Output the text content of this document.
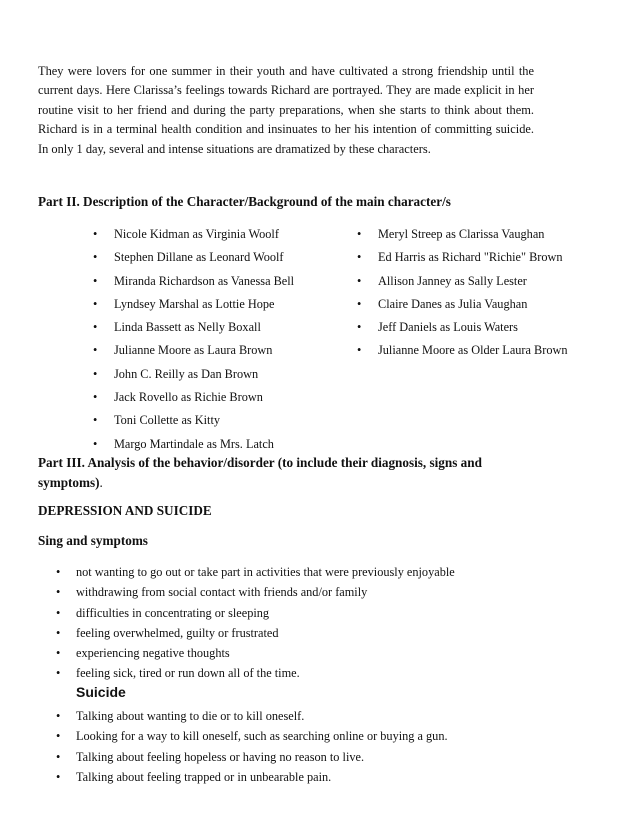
They were lovers for one summer in their youth and have cultivated a strong friendship until the current days. Here Clarissa’s feelings towards Richard are portrayed. They are made explicit in her routine visit to her friend and during the party preparations, when she starts to think about them. Richard is in a terminal health condition and insinuates to her his intention of committing suicide. In only 1 day, several and intense situations are dramatized by these characters.

Part II. Description of the Character/Background of the main character/s
• Nicole Kidman as Virginia Woolf
• Stephen Dillane as Leonard Woolf
• Miranda Richardson as Vanessa Bell
• Lyndsey Marshal as Lottie Hope
• Linda Bassett as Nelly Boxall
• Julianne Moore as Laura Brown
• John C. Reilly as Dan Brown
• Jack Rovello as Richie Brown
• Toni Collette as Kitty
• Margo Martindale as Mrs. Latch
• Meryl Streep as Clarissa Vaughan
• Ed Harris as Richard "Richie" Brown
• Allison Janney as Sally Lester
• Claire Danes as Julia Vaughan
• Jeff Daniels as Louis Waters
• Julianne Moore as Older Laura Brown
Part III. Analysis of the behavior/disorder (to include their diagnosis, signs and
symptoms).
DEPRESSION AND SUICIDE
Sing and symptoms
• not wanting to go out or take part in activities that were previously enjoyable
• withdrawing from social contact with friends and/or family
• difficulties in concentrating or sleeping
• feeling overwhelmed, guilty or frustrated
• experiencing negative thoughts
• feeling sick, tired or run down all of the time.
Suicide
• Talking about wanting to die or to kill oneself.
• Looking for a way to kill oneself, such as searching online or buying a gun.
• Talking about feeling hopeless or having no reason to live.
• Talking about feeling trapped or in unbearable pain.
